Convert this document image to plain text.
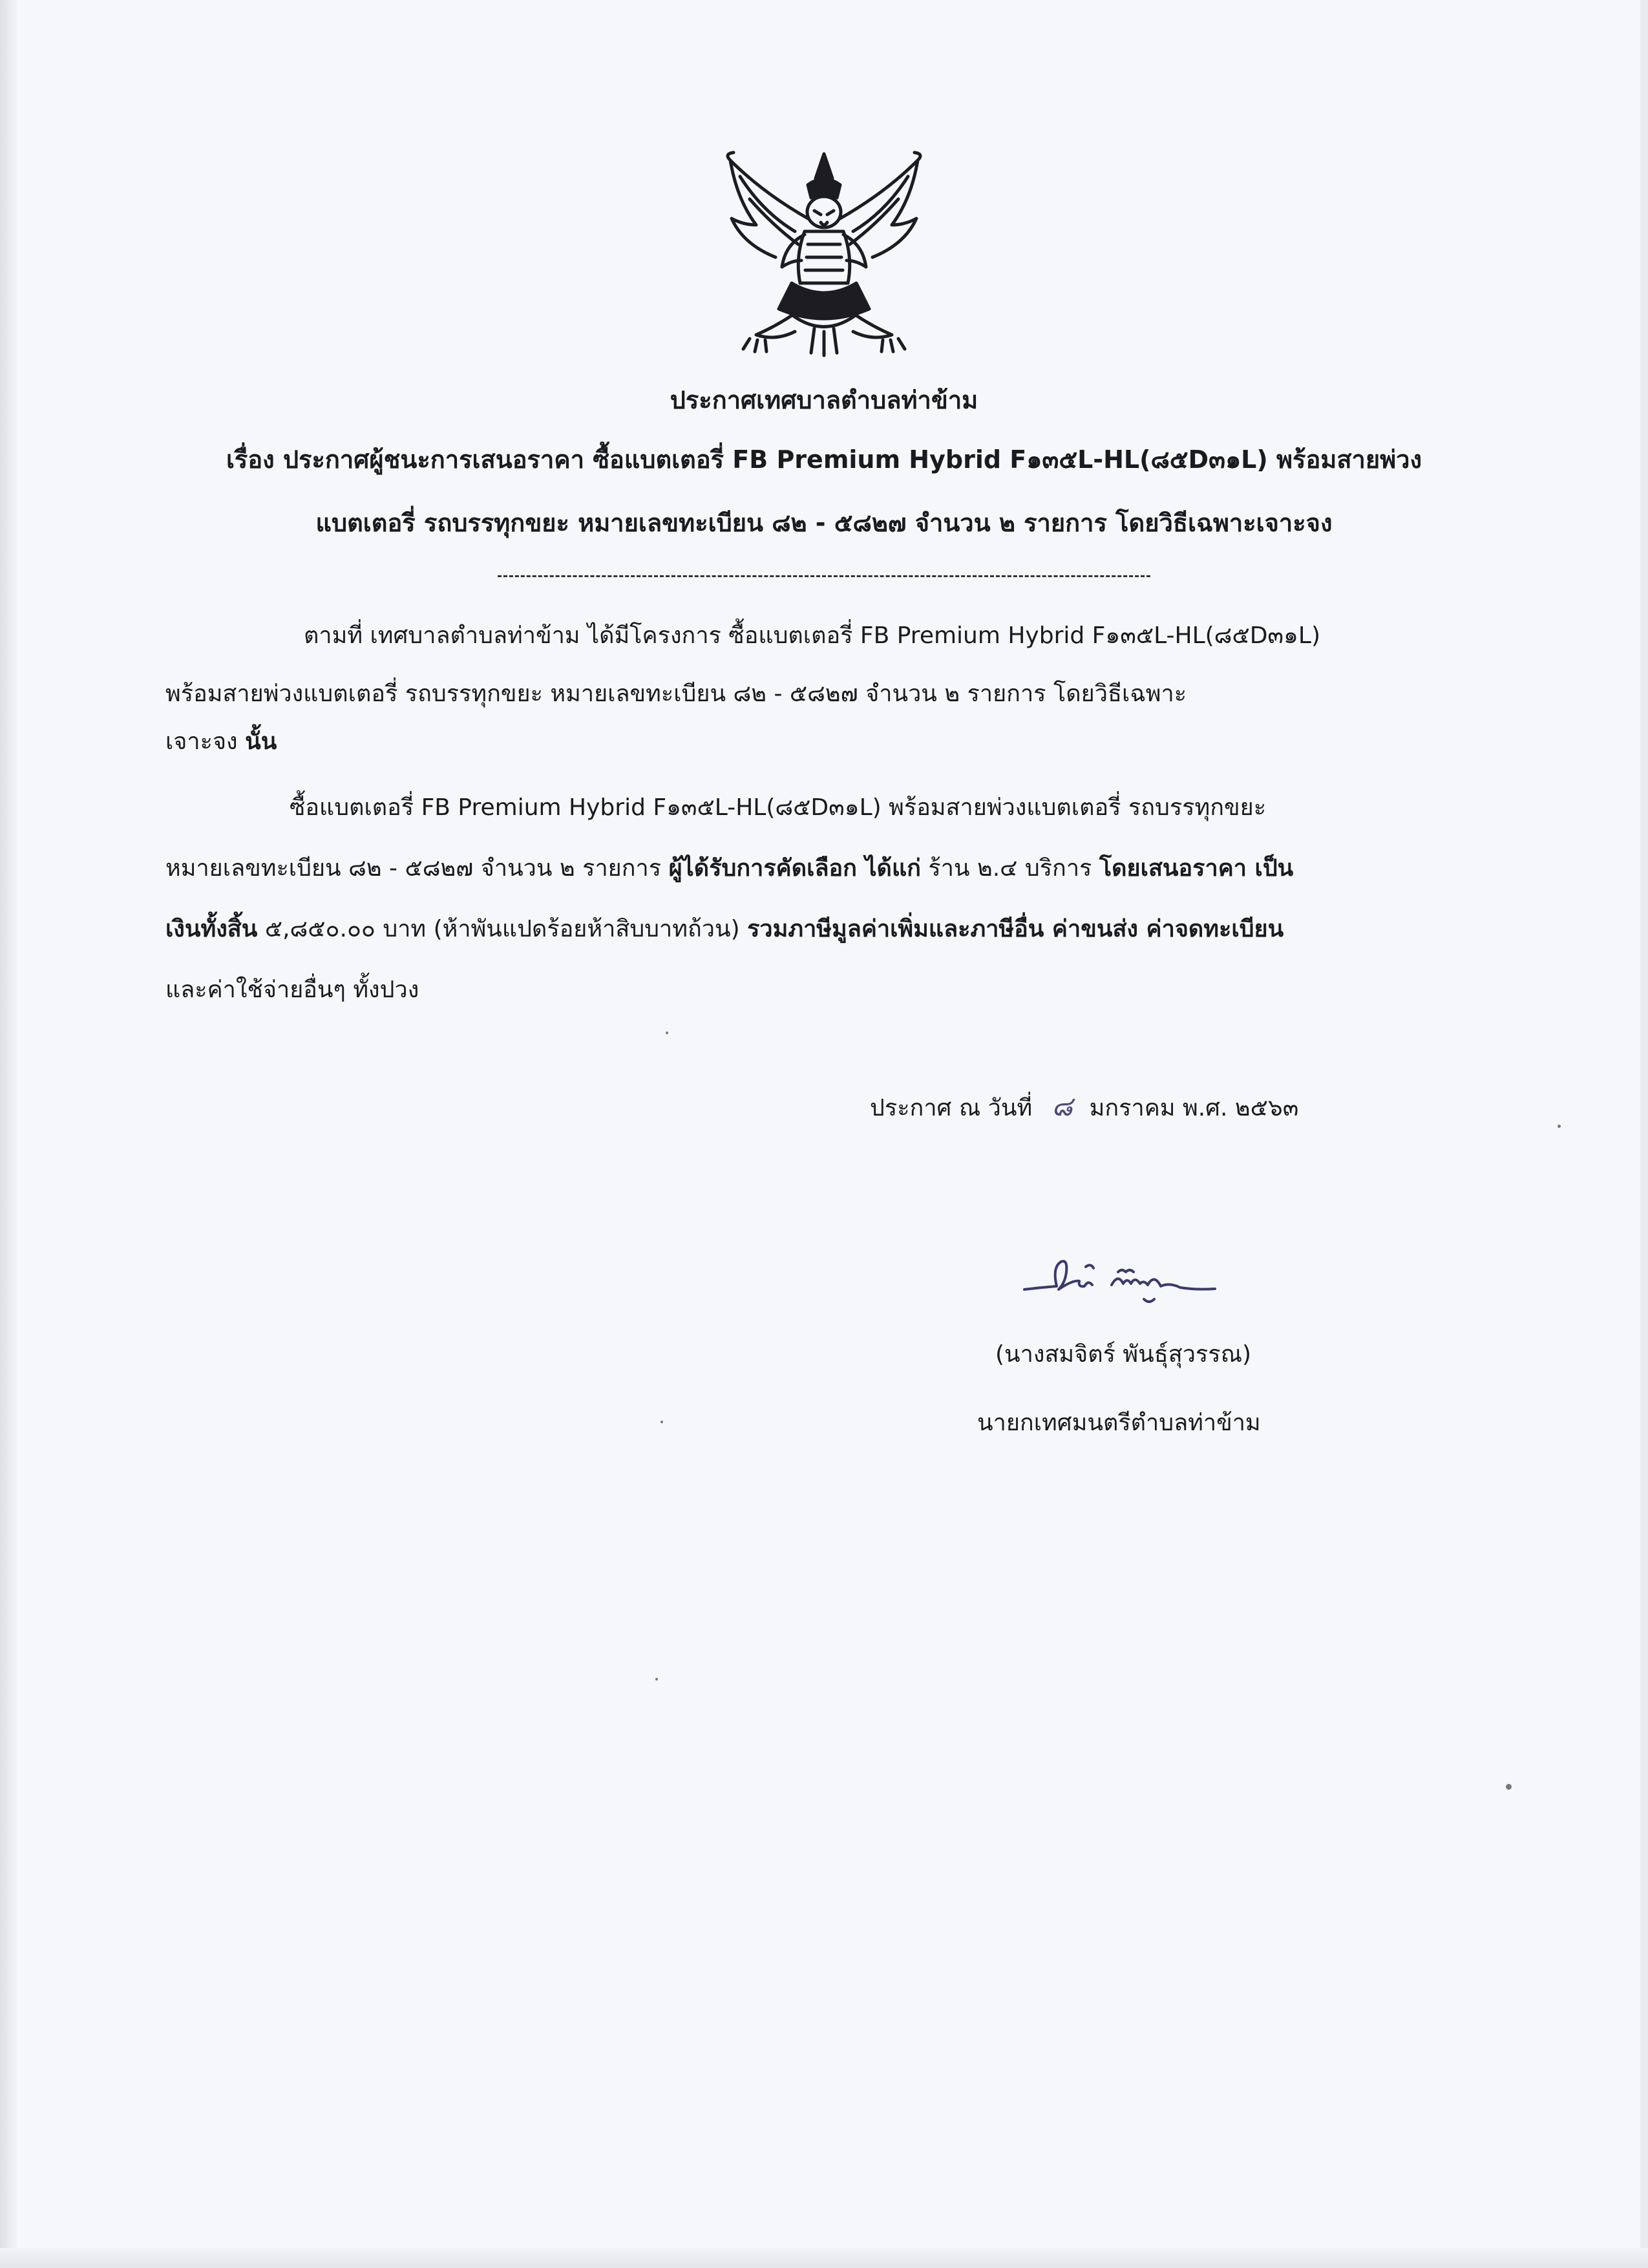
ประกาศเทศบาลตำบลท่าข้าม
เรื่อง ประกาศผู้ชนะการเสนอราคา ซื้อแบตเตอรี่ FB Premium Hybrid F๑๓๕L-HL(๘๕D๓๑L) พร้อมสายพ่วง
แบตเตอรี่ รถบรรทุกขยะ หมายเลขทะเบียน ๘๒ - ๕๘๒๗ จำนวน ๒ รายการ โดยวิธีเฉพาะเจาะจง
ตามที่ เทศบาลตำบลท่าข้าม ได้มีโครงการ ซื้อแบตเตอรี่ FB Premium Hybrid F๑๓๕L-HL(๘๕D๓๑L)
พร้อมสายพ่วงแบตเตอรี่ รถบรรทุกขยะ หมายเลขทะเบียน ๘๒ - ๕๘๒๗ จำนวน ๒ รายการ โดยวิธีเฉพาะ
เจาะจง นั้น
ซื้อแบตเตอรี่ FB Premium Hybrid F๑๓๕L-HL(๘๕D๓๑L) พร้อมสายพ่วงแบตเตอรี่ รถบรรทุกขยะ
หมายเลขทะเบียน ๘๒ - ๕๘๒๗ จำนวน ๒ รายการ ผู้ได้รับการคัดเลือก ได้แก่ ร้าน ๒.๔ บริการ โดยเสนอราคา เป็น
เงินทั้งสิ้น ๕,๘๕๐.๐๐ บาท (ห้าพันแปดร้อยห้าสิบบาทถ้วน) รวมภาษีมูลค่าเพิ่มและภาษีอื่น ค่าขนส่ง ค่าจดทะเบียน
และค่าใช้จ่ายอื่นๆ ทั้งปวง
ประกาศ ณ วันที่ ๘ มกราคม พ.ศ. ๒๕๖๓
(นางสมจิตร์ พันธุ์สุวรรณ)
นายกเทศมนตรีตำบลท่าข้าม
